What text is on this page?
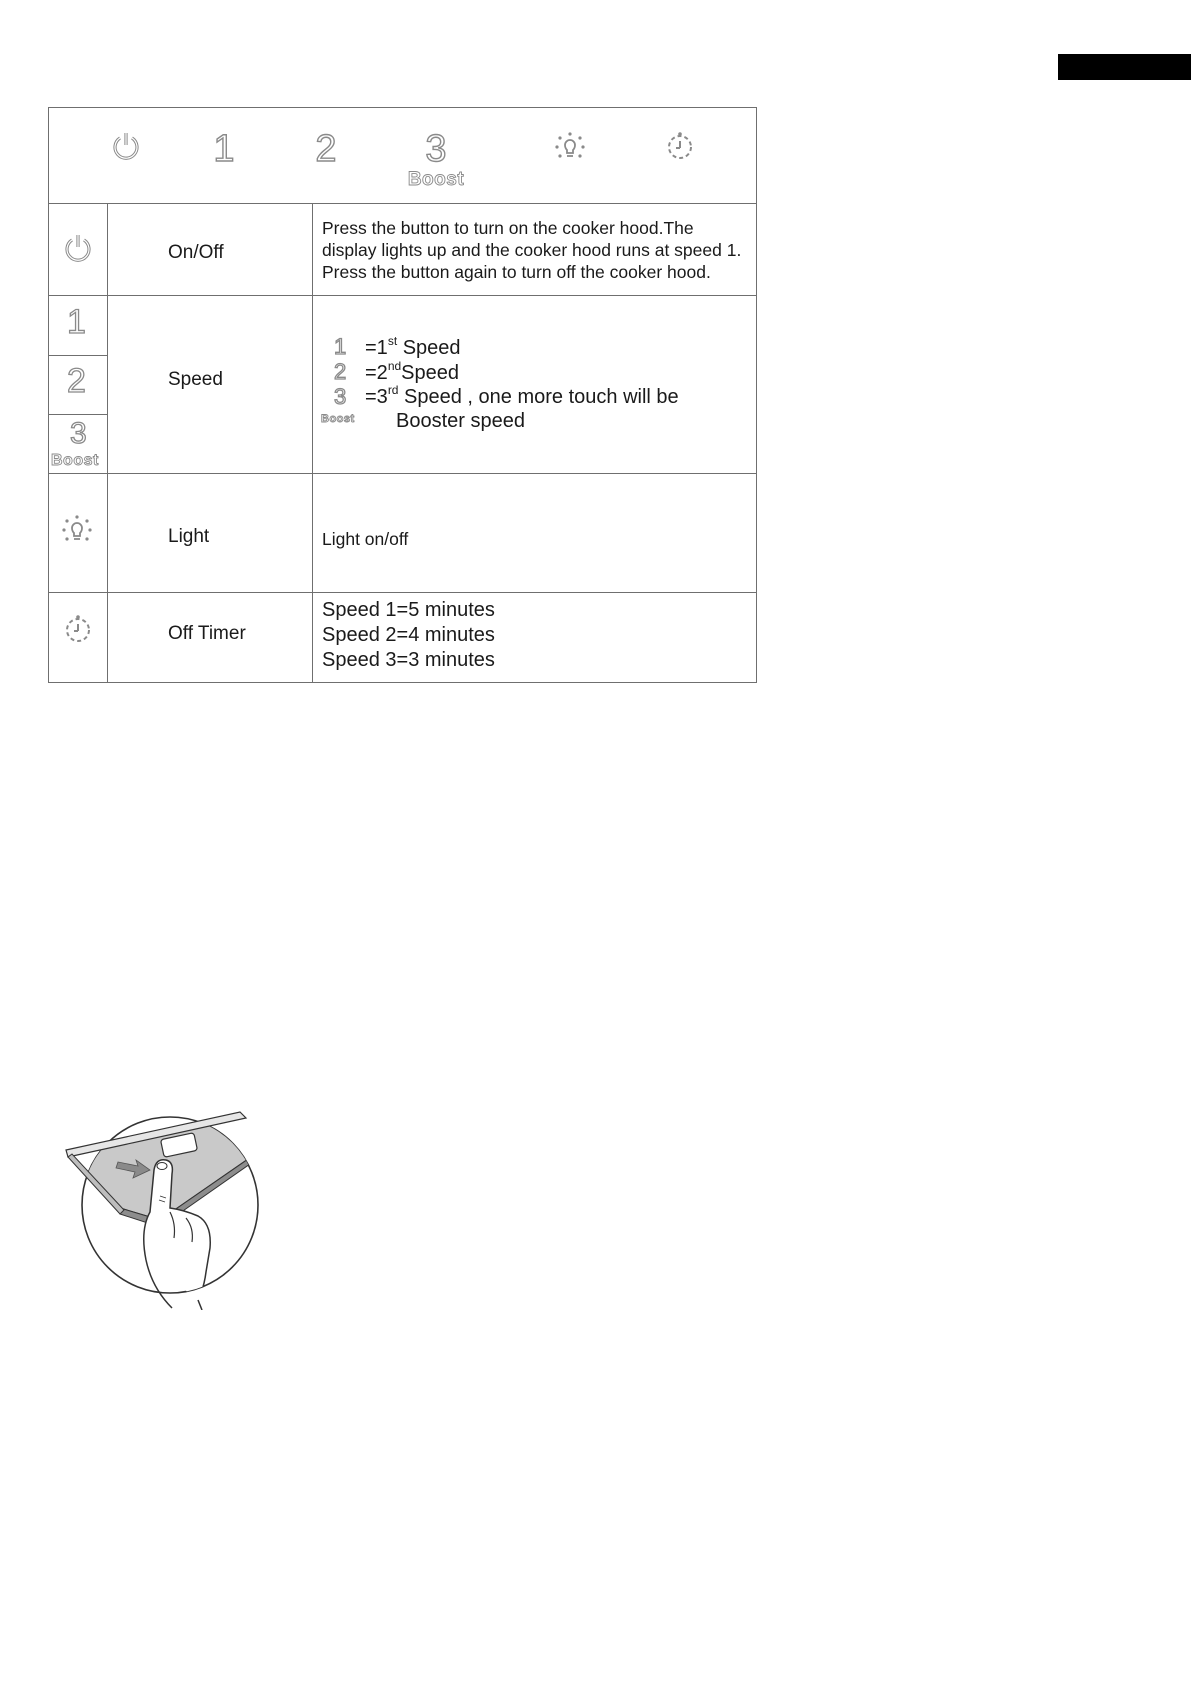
1 2 3
Boost
On/Off
Press the button to turn on the cooker hood.The
display lights up and the cooker hood runs at speed 1.
Press the button again to turn off the cooker hood.
1
2
3
Boost
Speed
1 =1st Speed
2 =2ndSpeed
3 =3rd Speed , one more touch will be
Boost Booster speed
Light	Light on/off
Off Timer
Speed 1=5 minutes
Speed 2=4 minutes
Speed 3=3 minutes
